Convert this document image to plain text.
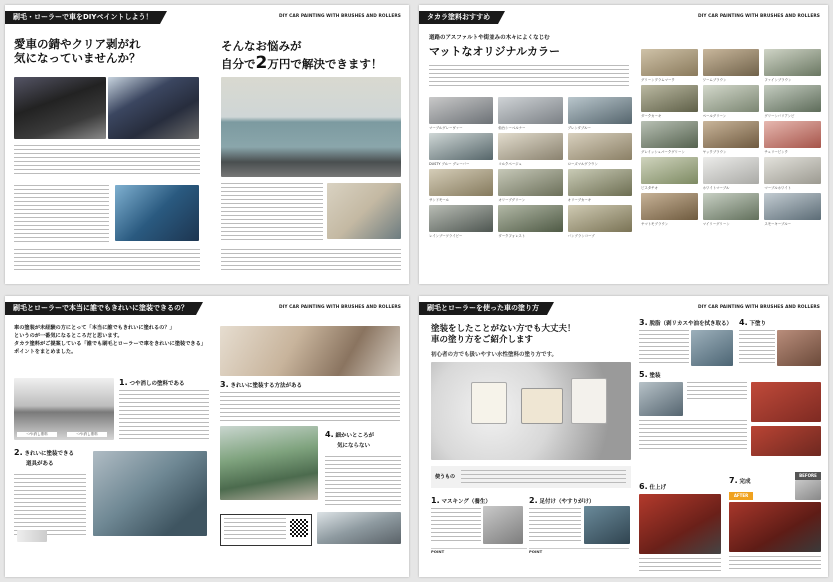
刷毛・ローラーで車をDIYペイントしよう！	DIY CAR PAINTING WITH BRUSHES AND ROLLERS
愛車の錆やクリア剥がれ
気になっていませんか？
そんなお悩みが
自分で2万円で解決できます！
タカラ塗料おすすめ	DIY CAR PAINTING WITH BRUSHES AND ROLLERS
道路のアスファルトや街並みの木々によくなじむ
マットなオリジナルカラー
マーブルグレーヴァー	仙台シーベルナー	ブレンダブルー
DUSTY ブルー グレーバー	コルクベージュ	ローズマルグラウン
サンドモール	オリーブグリーン	オリーブカーキ
レインブーツライビー	ダークフォレスト	バンブランコーブ
グリーンプラムマーク	ワームブラウン	ファインブラウン
ダークカーキ	ペールグリーン	グリーンバリアンビ
グレイッシュパークグリーン	ヤックブラウン	チェリーピンク
ピスタチオ	ホワイトマーブル	マーブルホワイト
ヤマトモブラウン	マイリーグリーン	スモーキーブルー
刷毛とローラーで本当に誰でもきれいに塗装できるの？	DIY CAR PAINTING WITH BRUSHES AND ROLLERS
車の塗装が未経験の方にとって「本当に誰でもきれいに塗れるの？」
というのが一番気になるところだと思います。
タカラ塗料がご提案している「誰でも刷毛とローラーで車をきれいに塗装できる」
ポイントをまとめました。
つや消し塗料	つや消し塗料
1. つや消しの塗料である	3. きれいに塗装する方法がある
2. きれいに塗装できる
道具がある
4. 細かいところが
気にならない
刷毛とローラーを使った車の塗り方	DIY CAR PAINTING WITH BRUSHES AND ROLLERS
塗装をしたことがない方でも大丈夫！
車の塗り方をご紹介します
初心者の方でも扱いやすい水性塗料の塗り方です。
使うもの
1. マスキング（養生）	2. 足付け（やすりがけ）
POINT	POINT
3. 脱脂（剥リカスや油を拭き取る） 4. 下塗り
5. 塗装
6. 仕上げ
7. 完成
AFTER
BEFORE
